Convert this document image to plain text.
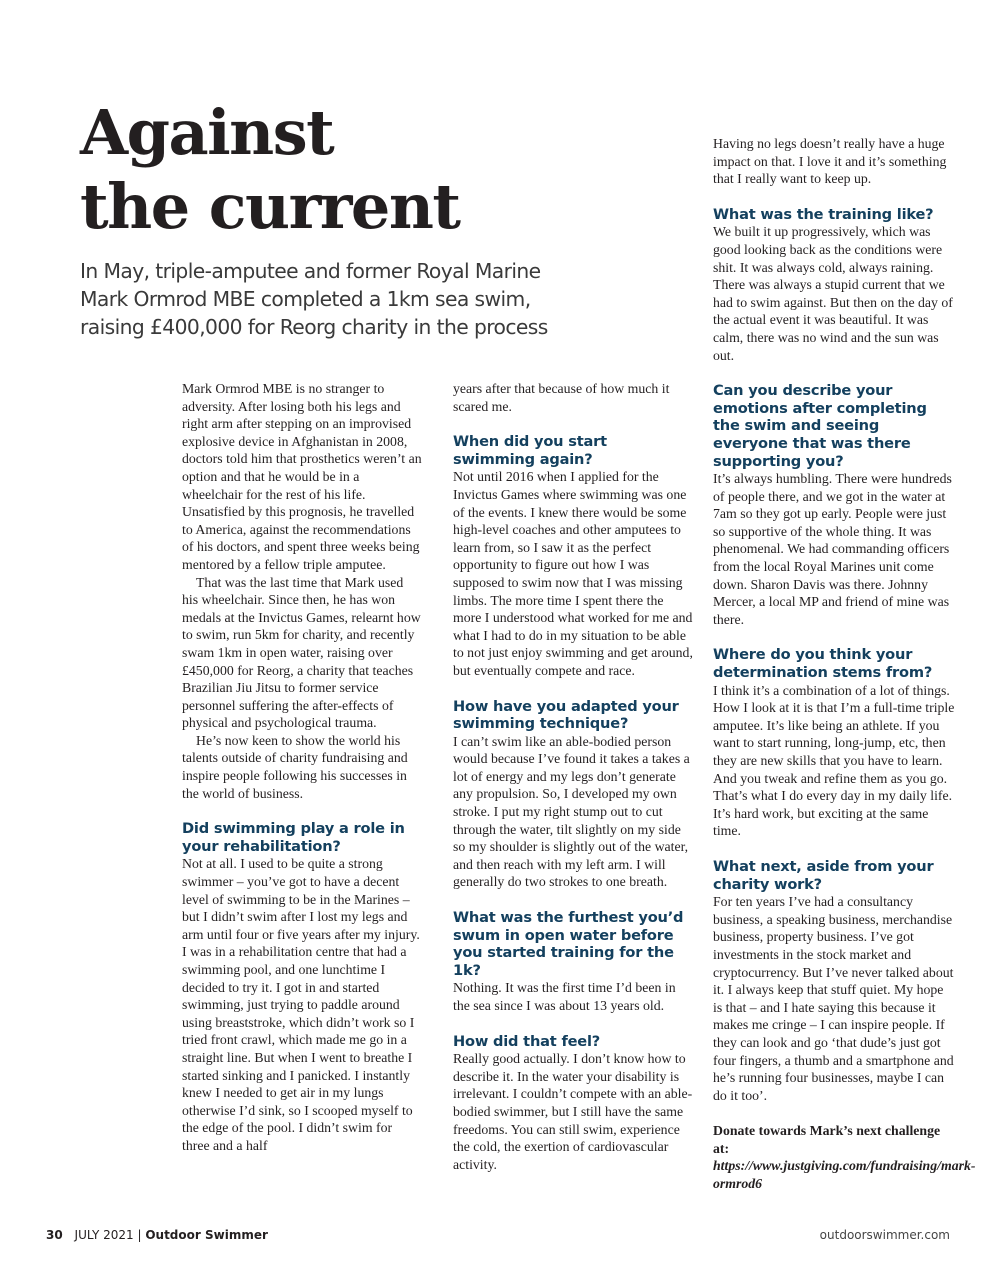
Against
the current

In May, triple-amputee and former Royal Marine Mark Ormrod MBE completed a 1km sea swim, raising £400,000 for Reorg charity in the process

Mark Ormrod MBE is no stranger to adversity. After losing both his legs and right arm after stepping on an improvised explosive device in Afghanistan in 2008, doctors told him that prosthetics weren’t an option and that he would be in a wheelchair for the rest of his life. Unsatisfied by this prognosis, he travelled to America, against the recommendations of his doctors, and spent three weeks being mentored by a fellow triple amputee.

That was the last time that Mark used his wheelchair. Since then, he has won medals at the Invictus Games, relearnt how to swim, run 5km for charity, and recently swam 1km in open water, raising over £450,000 for Reorg, a charity that teaches Brazilian Jiu Jitsu to former service personnel suffering the after-effects of physical and psychological trauma.

He’s now keen to show the world his talents outside of charity fundraising and inspire people following his successes in the world of business.

Did swimming play a role in your rehabilitation?

Not at all. I used to be quite a strong swimmer – you’ve got to have a decent level of swimming to be in the Marines – but I didn’t swim after I lost my legs and arm until four or five years after my injury. I was in a rehabilitation centre that had a swimming pool, and one lunchtime I decided to try it. I got in and started swimming, just trying to paddle around using breaststroke, which didn’t work so I tried front crawl, which made me go in a straight line. But when I went to breathe I started sinking and I panicked. I instantly knew I needed to get air in my lungs otherwise I’d sink, so I scooped myself to the edge of the pool. I didn’t swim for three and a half

years after that because of how much it scared me.

When did you start swimming again?

Not until 2016 when I applied for the Invictus Games where swimming was one of the events. I knew there would be some high-level coaches and other amputees to learn from, so I saw it as the perfect opportunity to figure out how I was supposed to swim now that I was missing limbs. The more time I spent there the more I understood what worked for me and what I had to do in my situation to be able to not just enjoy swimming and get around, but eventually compete and race.

How have you adapted your swimming technique?

I can’t swim like an able-bodied person would because I’ve found it takes a takes a lot of energy and my legs don’t generate any propulsion. So, I developed my own stroke. I put my right stump out to cut through the water, tilt slightly on my side so my shoulder is slightly out of the water, and then reach with my left arm. I will generally do two strokes to one breath.

What was the furthest you’d swum in open water before you started training for the 1k?

Nothing. It was the first time I’d been in the sea since I was about 13 years old.

How did that feel?

Really good actually. I don’t know how to describe it. In the water your disability is irrelevant. I couldn’t compete with an able-bodied swimmer, but I still have the same freedoms. You can still swim, experience the cold, the exertion of cardiovascular activity.

Having no legs doesn’t really have a huge impact on that. I love it and it’s something that I really want to keep up.

What was the training like?

We built it up progressively, which was good looking back as the conditions were shit. It was always cold, always raining. There was always a stupid current that we had to swim against. But then on the day of the actual event it was beautiful. It was calm, there was no wind and the sun was out.

Can you describe your emotions after completing the swim and seeing everyone that was there supporting you?

It’s always humbling. There were hundreds of people there, and we got in the water at 7am so they got up early. People were just so supportive of the whole thing. It was phenomenal. We had commanding officers from the local Royal Marines unit come down. Sharon Davis was there. Johnny Mercer, a local MP and friend of mine was there.

Where do you think your determination stems from?

I think it’s a combination of a lot of things. How I look at it is that I’m a full-time triple amputee. It’s like being an athlete. If you want to start running, long-jump, etc, then they are new skills that you have to learn. And you tweak and refine them as you go. That’s what I do every day in my daily life. It’s hard work, but exciting at the same time.

What next, aside from your charity work?

For ten years I’ve had a consultancy business, a speaking business, merchandise business, property business. I’ve got investments in the stock market and cryptocurrency. But I’ve never talked about it. I always keep that stuff quiet. My hope is that – and I hate saying this because it makes me cringe – I can inspire people. If they can look and go ‘that dude’s just got four fingers, a thumb and a smartphone and he’s running four businesses, maybe I can do it too’.

Donate towards Mark’s next challenge at: https://www.justgiving.com/fundraising/mark-ormrod6

30 JULY 2021 | Outdoor Swimmer	outdoorswimmer.com
